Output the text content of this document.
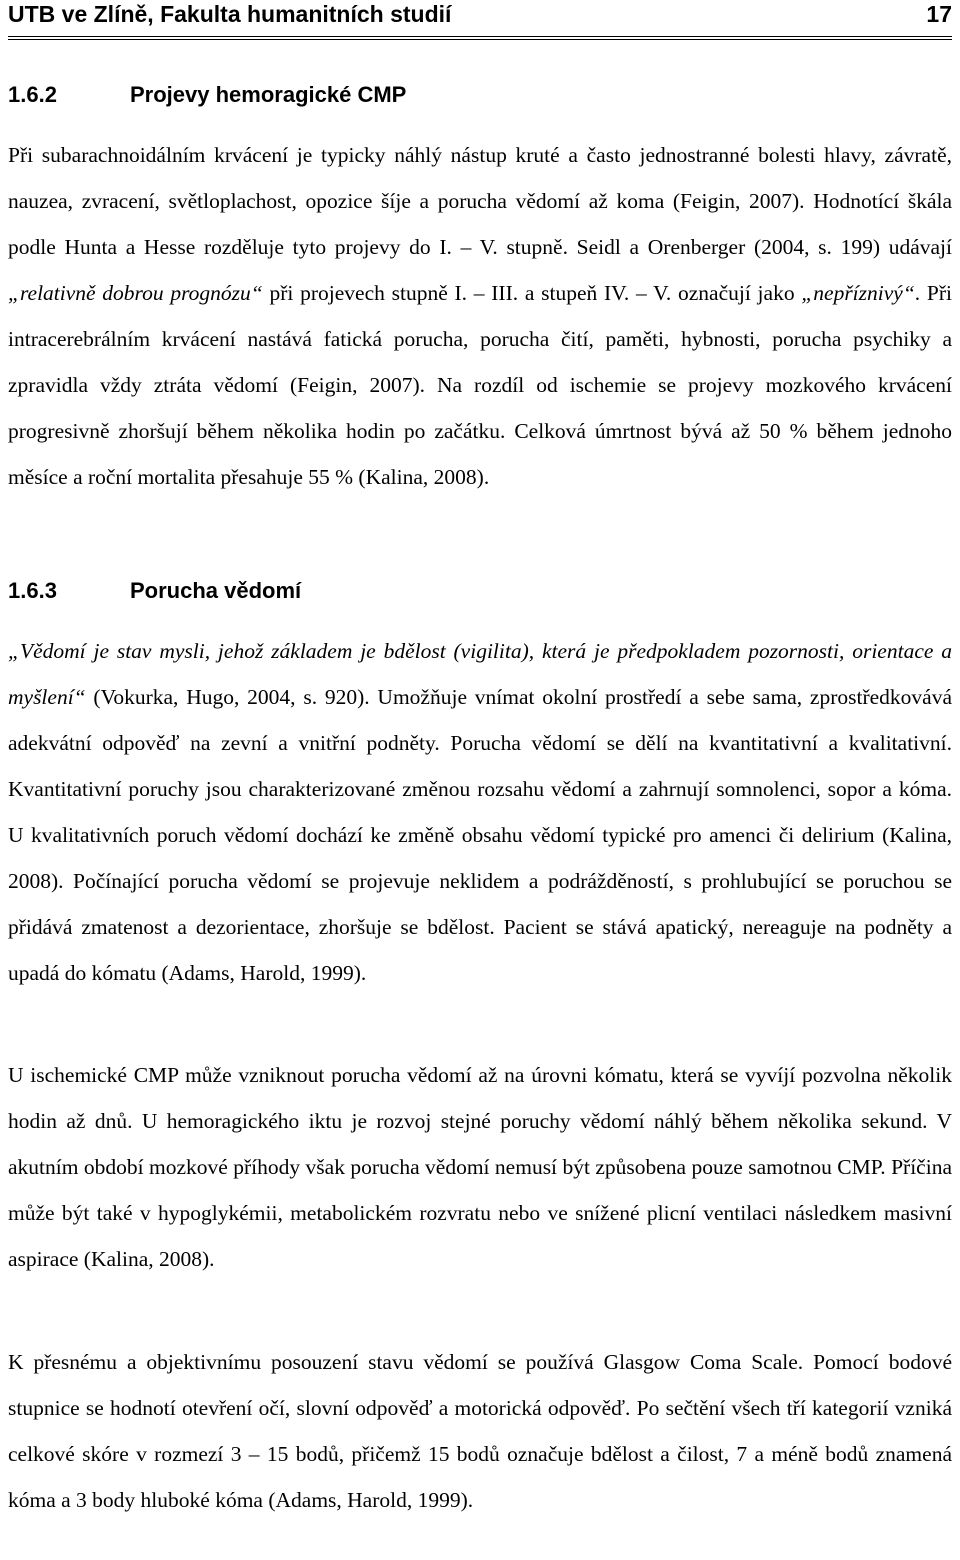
UTB ve Zlíně, Fakulta humanitních studií	17
1.6.2	Projevy hemoragické CMP

Při subarachnoidálním krvácení je typicky náhlý nástup kruté a často jednostranné bolesti hlavy, závratě, nauzea, zvracení, světloplachost, opozice šíje a porucha vědomí až koma (Feigin, 2007). Hodnotící škála podle Hunta a Hesse rozděluje tyto projevy do I. – V. stupně. Seidl a Orenberger (2004, s. 199) udávají „relativně dobrou prognózu“ při projevech stupně I. – III. a stupeň IV. – V. označují jako „nepříznivý“. Při intracerebrálním krvácení nastává fatická porucha, porucha čití, paměti, hybnosti, porucha psychiky a zpravidla vždy ztráta vědomí (Feigin, 2007). Na rozdíl od ischemie se projevy mozkového krvácení progresivně zhoršují během několika hodin po začátku. Celková úmrtnost bývá až 50 % během jednoho měsíce a roční mortalita přesahuje 55 % (Kalina, 2008).

1.6.3	Porucha vědomí

„Vědomí je stav mysli, jehož základem je bdělost (vigilita), která je předpokladem pozornosti, orientace a myšlení“ (Vokurka, Hugo, 2004, s. 920). Umožňuje vnímat okolní prostředí a sebe sama, zprostředkovává adekvátní odpověď na zevní a vnitřní podněty. Porucha vědomí se dělí na kvantitativní a kvalitativní. Kvantitativní poruchy jsou charakterizované změnou rozsahu vědomí a zahrnují somnolenci, sopor a kóma. U kvalitativních poruch vědomí dochází ke změně obsahu vědomí typické pro amenci či delirium (Kalina, 2008). Počínající porucha vědomí se projevuje neklidem a podrážděností, s prohlubující se poruchou se přidává zmatenost a dezorientace, zhoršuje se bdělost. Pacient se stává apatický, nereaguje na podněty a upadá do kómatu (Adams, Harold, 1999).

U ischemické CMP může vzniknout porucha vědomí až na úrovni kómatu, která se vyvíjí pozvolna několik hodin až dnů. U hemoragického iktu je rozvoj stejné poruchy vědomí náhlý během několika sekund. V akutním období mozkové příhody však porucha vědomí nemusí být způsobena pouze samotnou CMP. Příčina může být také v hypoglykémii, metabolickém rozvratu nebo ve snížené plicní ventilaci následkem masivní aspirace (Kalina, 2008).

K přesnému a objektivnímu posouzení stavu vědomí se používá Glasgow Coma Scale. Pomocí bodové stupnice se hodnotí otevření očí, slovní odpověď a motorická odpověď. Po sečtění všech tří kategorií vzniká celkové skóre v rozmezí 3 – 15 bodů, přičemž 15 bodů označuje bdělost a čilost, 7 a méně bodů znamená kóma a 3 body hluboké kóma (Adams, Harold, 1999).
